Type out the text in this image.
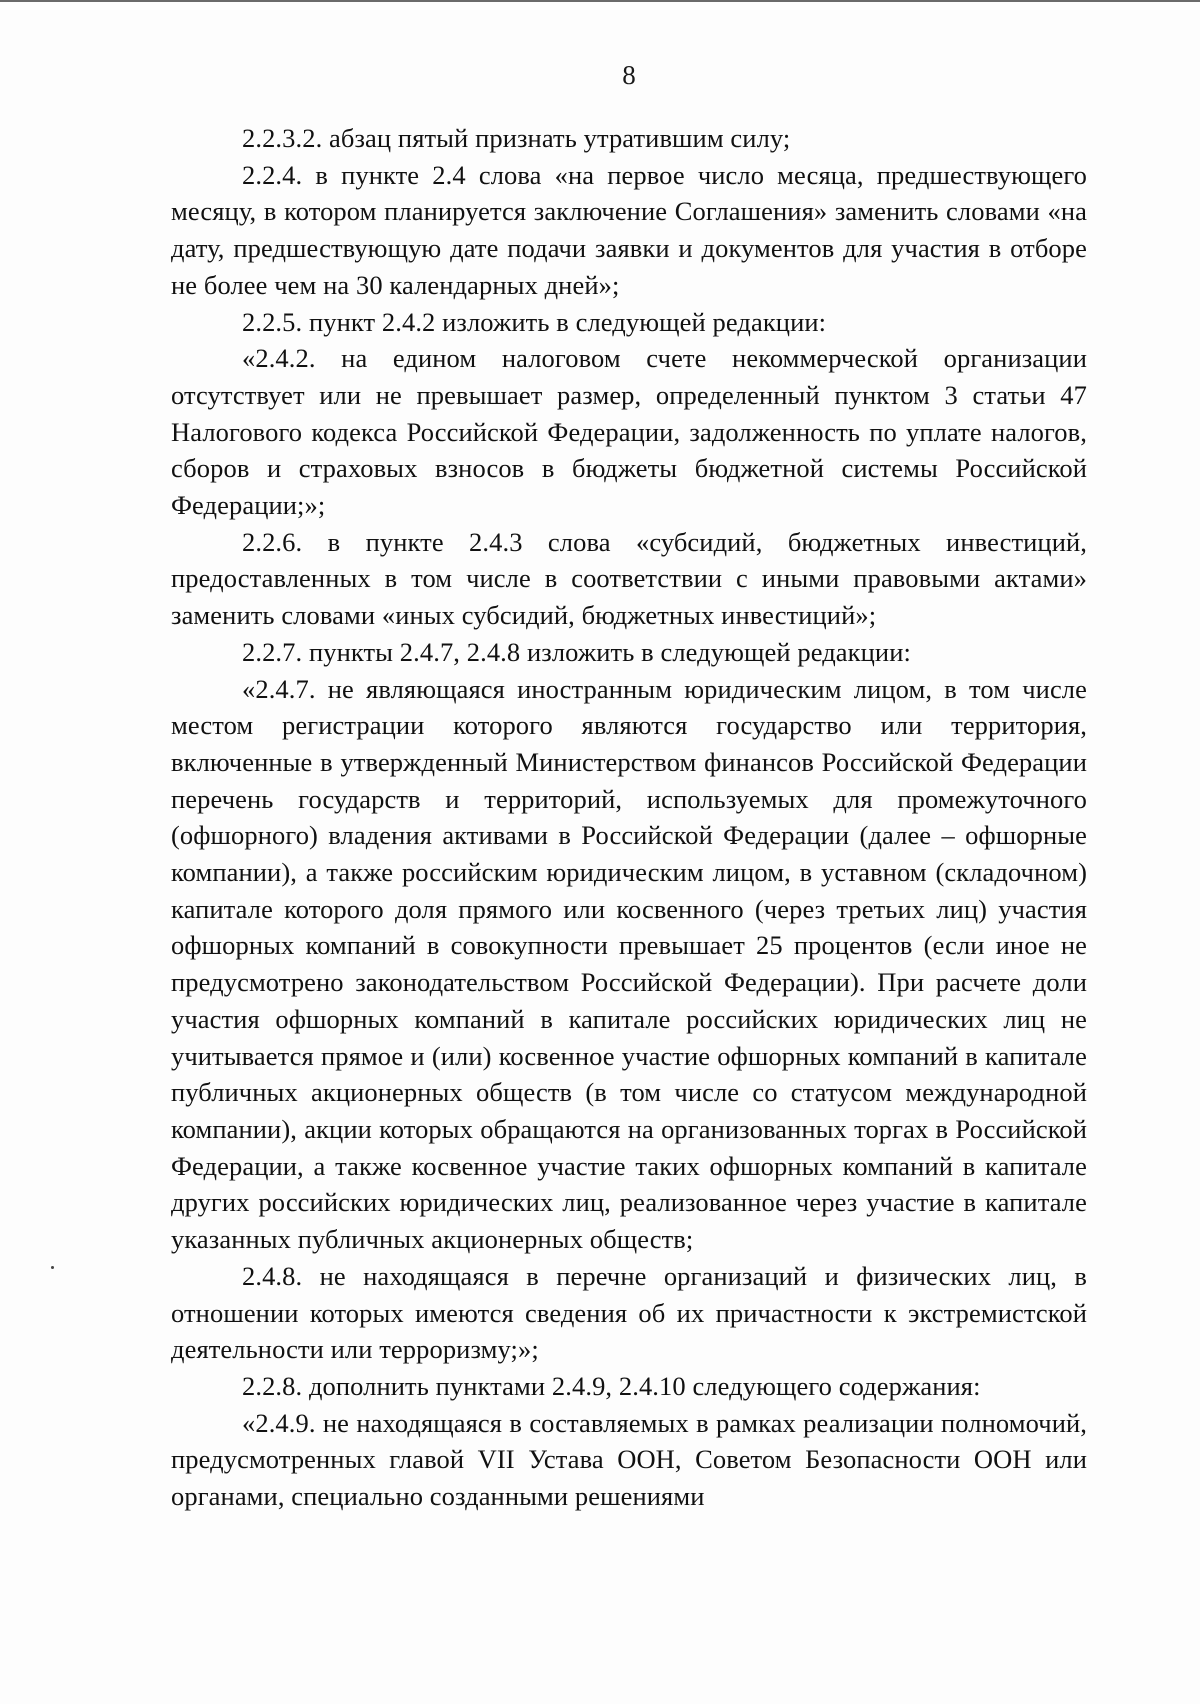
8

2.2.3.2. абзац пятый признать утратившим силу;

2.2.4. в пункте 2.4 слова «на первое число месяца, предшествующего месяцу, в котором планируется заключение Соглашения» заменить словами «на дату, предшествующую дате подачи заявки и документов для участия в отборе не более чем на 30 календарных дней»;

2.2.5. пункт 2.4.2 изложить в следующей редакции:

«2.4.2. на едином налоговом счете некоммерческой организации отсутствует или не превышает размер, определенный пунктом 3 статьи 47 Налогового кодекса Российской Федерации, задолженность по уплате налогов, сборов и страховых взносов в бюджеты бюджетной системы Российской Федерации;»;

2.2.6. в пункте 2.4.3 слова «субсидий, бюджетных инвестиций, предоставленных в том числе в соответствии с иными правовыми актами» заменить словами «иных субсидий, бюджетных инвестиций»;

2.2.7. пункты 2.4.7, 2.4.8 изложить в следующей редакции:

«2.4.7. не являющаяся иностранным юридическим лицом, в том числе местом регистрации которого являются государство или территория, включенные в утвержденный Министерством финансов Российской Федерации перечень государств и территорий, используемых для промежуточного (офшорного) владения активами в Российской Федерации (далее – офшорные компании), а также российским юридическим лицом, в уставном (складочном) капитале которого доля прямого или косвенного (через третьих лиц) участия офшорных компаний в совокупности превышает 25 процентов (если иное не предусмотрено законодательством Российской Федерации). При расчете доли участия офшорных компаний в капитале российских юридических лиц не учитывается прямое и (или) косвенное участие офшорных компаний в капитале публичных акционерных обществ (в том числе со статусом международной компании), акции которых обращаются на организованных торгах в Российской Федерации, а также косвенное участие таких офшорных компаний в капитале других российских юридических лиц, реализованное через участие в капитале указанных публичных акционерных обществ;

2.4.8. не находящаяся в перечне организаций и физических лиц, в отношении которых имеются сведения об их причастности к экстремистской деятельности или терроризму;»;

2.2.8. дополнить пунктами 2.4.9, 2.4.10 следующего содержания:

«2.4.9. не находящаяся в составляемых в рамках реализации полномочий, предусмотренных главой VII Устава ООН, Советом Безопасности ООН или органами, специально созданными решениями
